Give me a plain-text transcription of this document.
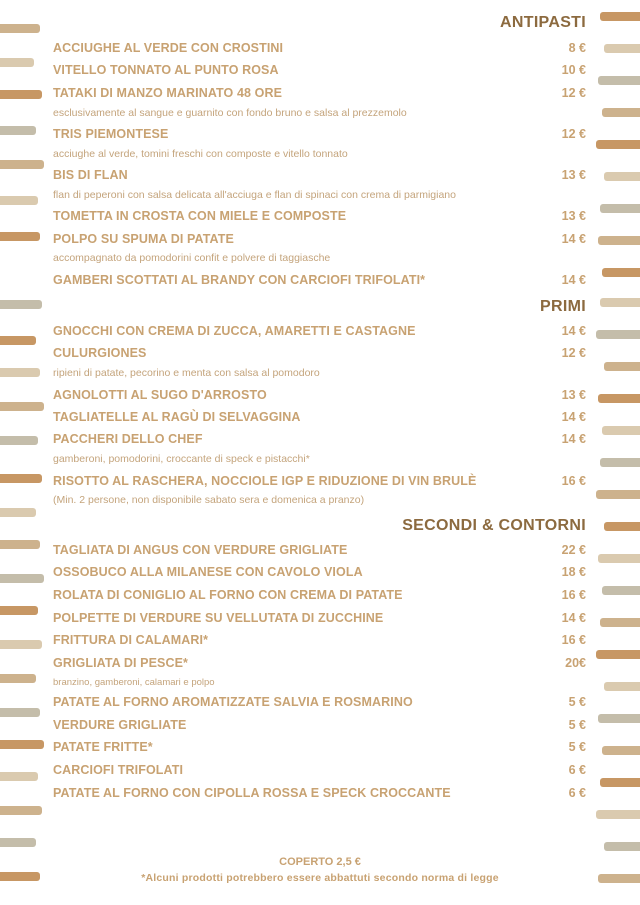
ANTIPASTI
ACCIUGHE AL VERDE CON CROSTINI	8 €
VITELLO TONNATO AL PUNTO ROSA	10 €
TATAKI DI MANZO MARINATO 48 ORE	12 €
esclusivamente al sangue e guarnito con fondo bruno e salsa al prezzemolo
TRIS PIEMONTESE	12 €
acciughe al verde, tomini freschi con composte e vitello tonnato
BIS DI FLAN	13 €
flan di peperoni con salsa delicata all'acciuga e flan di spinaci con crema di parmigiano
TOMETTA IN CROSTA CON MIELE E COMPOSTE	13 €
POLPO SU SPUMA DI PATATE	14 €
accompagnato da pomodorini confit e polvere di taggiasche
GAMBERI SCOTTATI AL BRANDY CON CARCIOFI TRIFOLATI*	14 €
PRIMI
GNOCCHI CON CREMA DI ZUCCA, AMARETTI E CASTAGNE	14 €
CULURGIONES	12 €
ripieni di patate, pecorino e menta con salsa al pomodoro
AGNOLOTTI AL SUGO D'ARROSTO	13 €
TAGLIATELLE AL RAGÙ DI SELVAGGINA	14 €
PACCHERI DELLO CHEF	14 €
gamberoni, pomodorini, croccante di speck e pistacchi*
RISOTTO AL RASCHERA, NOCCIOLE IGP E RIDUZIONE DI VIN BRULÈ	16 €
(Min. 2 persone, non disponibile sabato sera e domenica a pranzo)
SECONDI & CONTORNI
TAGLIATA DI ANGUS CON VERDURE GRIGLIATE	22 €
OSSOBUCO ALLA MILANESE CON CAVOLO VIOLA	18 €
ROLATA DI CONIGLIO AL FORNO CON CREMA DI PATATE	16 €
POLPETTE DI VERDURE SU VELLUTATA DI ZUCCHINE	14 €
FRITTURA DI CALAMARI*	16 €
GRIGLIATA DI PESCE*	20€
branzino, gamberoni, calamari e polpo
PATATE AL FORNO AROMATIZZATE SALVIA E ROSMARINO	5 €
VERDURE GRIGLIATE	5 €
PATATE FRITTE*	5 €
CARCIOFI TRIFOLATI	6 €
PATATE AL FORNO CON CIPOLLA ROSSA E SPECK CROCCANTE	6 €
COPERTO 2,5 €
*Alcuni prodotti potrebbero essere abbattuti secondo norma di legge
